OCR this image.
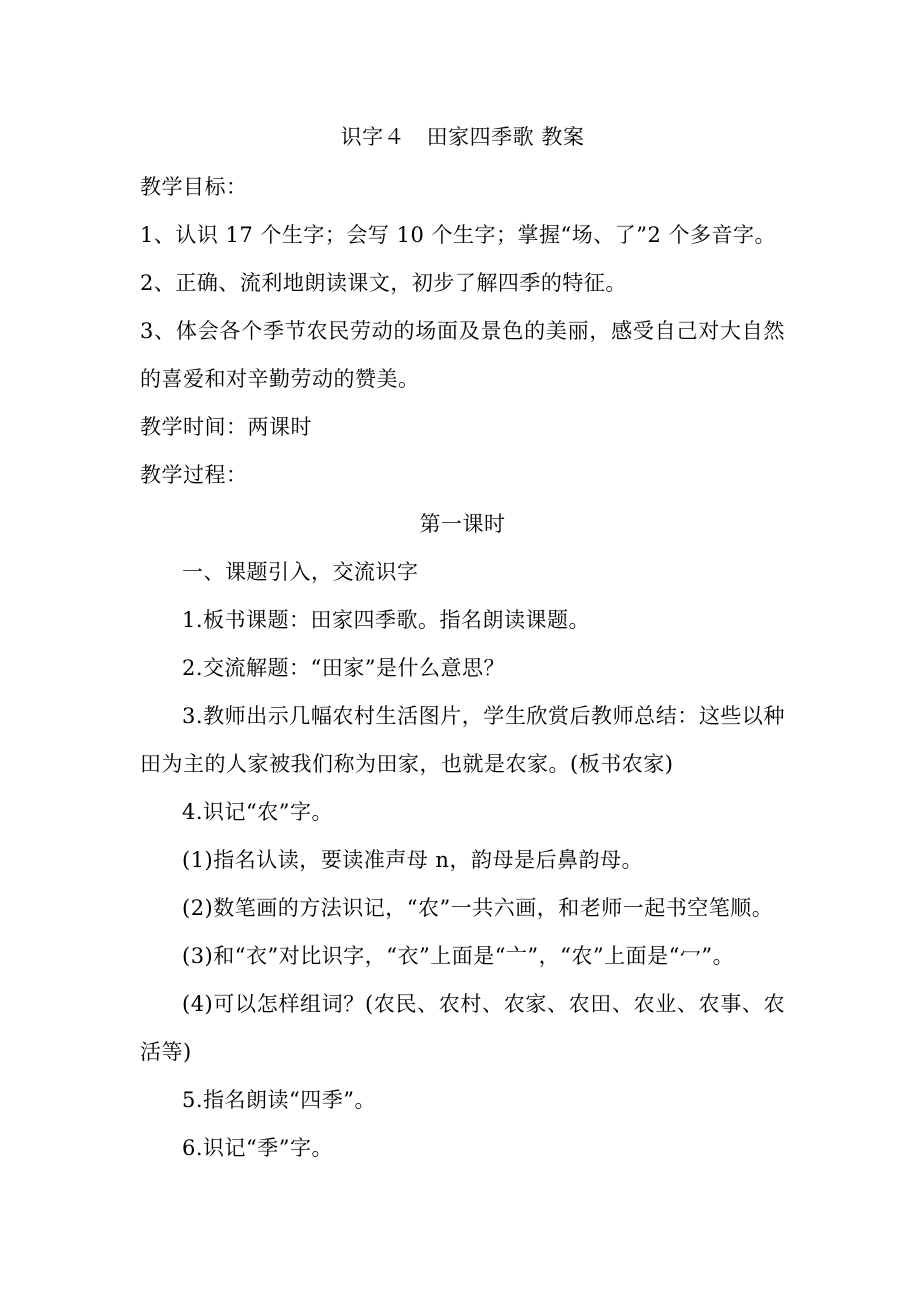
识字４　田家四季歌 教案
教学目标：
1、认识 17 个生字；会写 10 个生字；掌握“场、了”2 个多音字。
2、正确、流利地朗读课文，初步了解四季的特征。
3、体会各个季节农民劳动的场面及景色的美丽，感受自己对大自然
的喜爱和对辛勤劳动的赞美。
教学时间：两课时
教学过程：
第一课时
一、课题引入，交流识字
1.板书课题：田家四季歌。指名朗读课题。
2.交流解题：“田家”是什么意思？
3.教师出示几幅农村生活图片，学生欣赏后教师总结：这些以种
田为主的人家被我们称为田家，也就是农家。(板书农家)
4.识记“农”字。
(1)指名认读，要读准声母 n，韵母是后鼻韵母。
(2)数笔画的方法识记，“农”一共六画，和老师一起书空笔顺。
(3)和“衣”对比识字，“衣”上面是“亠”，“农”上面是“冖”。
(4)可以怎样组词？(农民、农村、农家、农田、农业、农事、农
活等)
5.指名朗读“四季”。
6.识记“季”字。
